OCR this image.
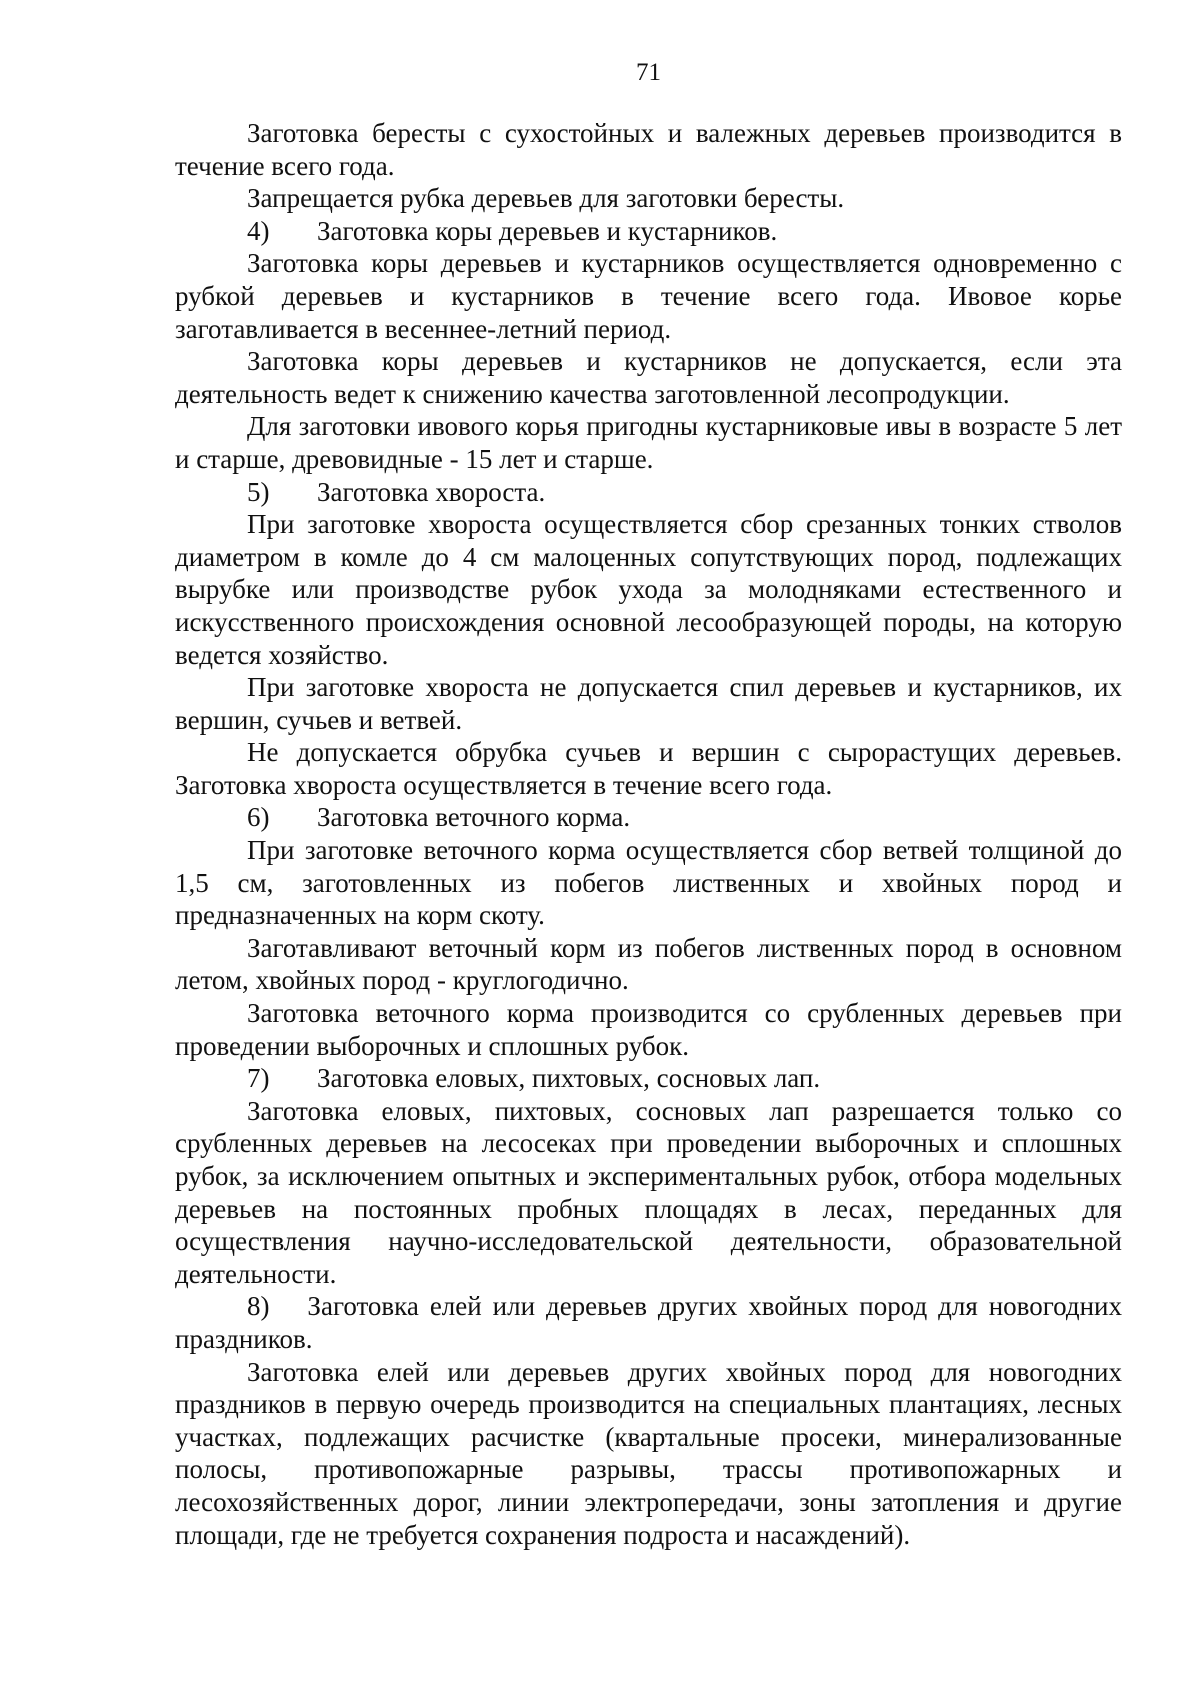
71

Заготовка бересты с сухостойных и валежных деревьев производится в течение всего года.

Запрещается рубка деревьев для заготовки бересты.

4) Заготовка коры деревьев и кустарников.

Заготовка коры деревьев и кустарников осуществляется одновременно с рубкой деревьев и кустарников в течение всего года. Ивовое корье заготавливается в весеннее-летний период.

Заготовка коры деревьев и кустарников не допускается, если эта деятельность ведет к снижению качества заготовленной лесопродукции.

Для заготовки ивового корья пригодны кустарниковые ивы в возрасте 5 лет и старше, древовидные - 15 лет и старше.

5) Заготовка хвороста.

При заготовке хвороста осуществляется сбор срезанных тонких стволов диаметром в комле до 4 см малоценных сопутствующих пород, подлежащих вырубке или производстве рубок ухода за молодняками естественного и искусственного происхождения основной лесообразующей породы, на которую ведется хозяйство.

При заготовке хвороста не допускается спил деревьев и кустарников, их вершин, сучьев и ветвей.

Не допускается обрубка сучьев и вершин с сырорастущих деревьев. Заготовка хвороста осуществляется в течение всего года.

6) Заготовка веточного корма.

При заготовке веточного корма осуществляется сбор ветвей толщиной до 1,5 см, заготовленных из побегов лиственных и хвойных пород и предназначенных на корм скоту.

Заготавливают веточный корм из побегов лиственных пород в основном летом, хвойных пород - круглогодично.

Заготовка веточного корма производится со срубленных деревьев при проведении выборочных и сплошных рубок.

7) Заготовка еловых, пихтовых, сосновых лап.

Заготовка еловых, пихтовых, сосновых лап разрешается только со срубленных деревьев на лесосеках при проведении выборочных и сплошных рубок, за исключением опытных и экспериментальных рубок, отбора модельных деревьев на постоянных пробных площадях в лесах, переданных для осуществления научно-исследовательской деятельности, образовательной деятельности.

8)  Заготовка елей или деревьев других хвойных пород для новогодних праздников.

Заготовка елей или деревьев других хвойных пород для новогодних праздников в первую очередь производится на специальных плантациях, лесных участках, подлежащих расчистке (квартальные просеки, минерализованные полосы, противопожарные разрывы, трассы противопожарных и лесохозяйственных дорог, линии электропередачи, зоны затопления и другие площади, где не требуется сохранения подроста и насаждений).
